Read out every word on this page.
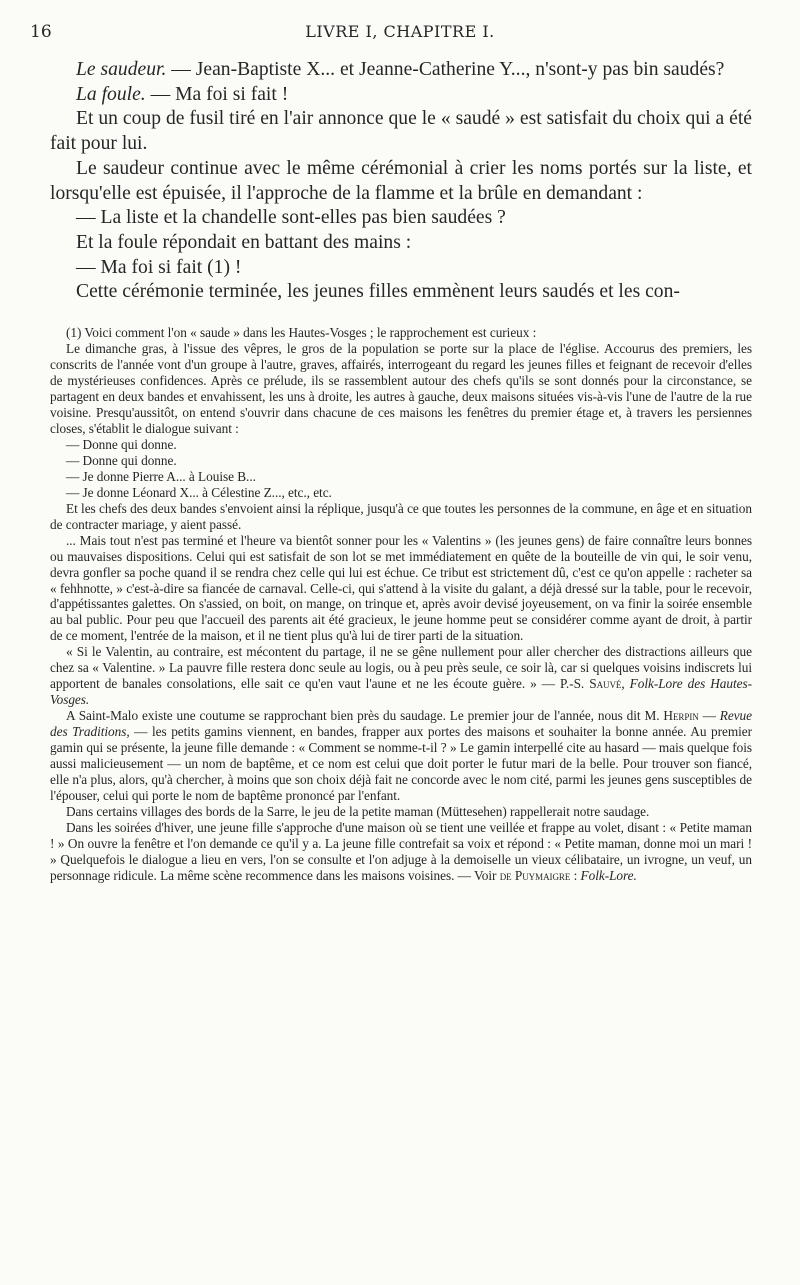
16	LIVRE I, CHAPITRE I.

Le saudeur. — Jean-Baptiste X... et Jeanne-Catherine Y..., n'sont-y pas bin saudés?

La foule. — Ma foi si fait !

Et un coup de fusil tiré en l'air annonce que le « saudé » est satisfait du choix qui a été fait pour lui.

Le saudeur continue avec le même cérémonial à crier les noms portés sur la liste, et lorsqu'elle est épuisée, il l'approche de la flamme et la brûle en demandant :

— La liste et la chandelle sont-elles pas bien saudées ?

Et la foule répondait en battant des mains :

— Ma foi si fait (1) !

Cette cérémonie terminée, les jeunes filles emmènent leurs saudés et les con-

(1) Voici comment l'on « saude » dans les Hautes-Vosges ; le rapprochement est curieux :

Le dimanche gras, à l'issue des vêpres, le gros de la population se porte sur la place de l'église. Accourus des premiers, les conscrits de l'année vont d'un groupe à l'autre, graves, affairés, interrogeant du regard les jeunes filles et feignant de recevoir d'elles de mystérieuses confidences. Après ce prélude, ils se rassemblent autour des chefs qu'ils se sont donnés pour la circonstance, se partagent en deux bandes et envahissent, les uns à droite, les autres à gauche, deux maisons situées vis-à-vis l'une de l'autre de la rue voisine. Presqu'aussitôt, on entend s'ouvrir dans chacune de ces maisons les fenêtres du premier étage et, à travers les persiennes closes, s'établit le dialogue suivant :

— Donne qui donne.

— Donne qui donne.

— Je donne Pierre A... à Louise B...

— Je donne Léonard X... à Célestine Z..., etc., etc.

Et les chefs des deux bandes s'envoient ainsi la réplique, jusqu'à ce que toutes les personnes de la commune, en âge et en situation de contracter mariage, y aient passé.

... Mais tout n'est pas terminé et l'heure va bientôt sonner pour les « Valentins » (les jeunes gens) de faire connaître leurs bonnes ou mauvaises dispositions. Celui qui est satisfait de son lot se met immédiatement en quête de la bouteille de vin qui, le soir venu, devra gonfler sa poche quand il se rendra chez celle qui lui est échue. Ce tribut est strictement dû, c'est ce qu'on appelle : racheter sa « fehhnotte, » c'est-à-dire sa fiancée de carnaval. Celle-ci, qui s'attend à la visite du galant, a déjà dressé sur la table, pour le recevoir, d'appétissantes galettes. On s'assied, on boit, on mange, on trinque et, après avoir devisé joyeusement, on va finir la soirée ensemble au bal public. Pour peu que l'accueil des parents ait été gracieux, le jeune homme peut se considérer comme ayant de droit, à partir de ce moment, l'entrée de la maison, et il ne tient plus qu'à lui de tirer parti de la situation.

« Si le Valentin, au contraire, est mécontent du partage, il ne se gêne nullement pour aller chercher des distractions ailleurs que chez sa « Valentine. » La pauvre fille restera donc seule au logis, ou à peu près seule, ce soir là, car si quelques voisins indiscrets lui apportent de banales consolations, elle sait ce qu'en vaut l'aune et ne les écoute guère. » — P.-S. Sauvé, Folk-Lore des Hautes-Vosges.

A Saint-Malo existe une coutume se rapprochant bien près du saudage. Le premier jour de l'année, nous dit M. Herpin — Revue des Traditions, — les petits gamins viennent, en bandes, frapper aux portes des maisons et souhaiter la bonne année. Au premier gamin qui se présente, la jeune fille demande : « Comment se nomme-t-il ? » Le gamin interpellé cite au hasard — mais quelque fois aussi malicieusement — un nom de baptême, et ce nom est celui que doit porter le futur mari de la belle. Pour trouver son fiancé, elle n'a plus, alors, qu'à chercher, à moins que son choix déjà fait ne concorde avec le nom cité, parmi les jeunes gens susceptibles de l'épouser, celui qui porte le nom de baptême prononcé par l'enfant.

Dans certains villages des bords de la Sarre, le jeu de la petite maman (Müttesehen) rappellerait notre saudage.

Dans les soirées d'hiver, une jeune fille s'approche d'une maison où se tient une veillée et frappe au volet, disant : « Petite maman ! » On ouvre la fenêtre et l'on demande ce qu'il y a. La jeune fille contrefait sa voix et répond : « Petite maman, donne moi un mari ! » Quelquefois le dialogue a lieu en vers, l'on se consulte et l'on adjuge à la demoiselle un vieux célibataire, un ivrogne, un veuf, un personnage ridicule. La même scène recommence dans les maisons voisines. — Voir de Puymaigre : Folk-Lore.
